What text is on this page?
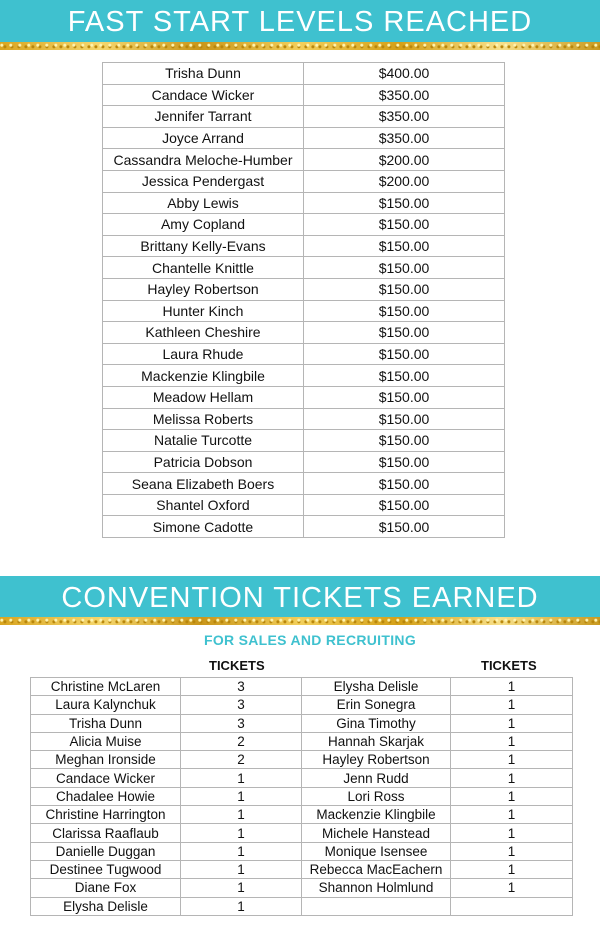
FAST START LEVELS REACHED
Trisha Dunn	$400.00
Candace Wicker	$350.00
Jennifer Tarrant	$350.00
Joyce Arrand	$350.00
Cassandra Meloche-Humber	$200.00
Jessica Pendergast	$200.00
Abby Lewis	$150.00
Amy Copland	$150.00
Brittany Kelly-Evans	$150.00
Chantelle Knittle	$150.00
Hayley Robertson	$150.00
Hunter Kinch	$150.00
Kathleen Cheshire	$150.00
Laura Rhude	$150.00
Mackenzie Klingbile	$150.00
Meadow Hellam	$150.00
Melissa Roberts	$150.00
Natalie Turcotte	$150.00
Patricia Dobson	$150.00
Seana Elizabeth Boers	$150.00
Shantel Oxford	$150.00
Simone Cadotte	$150.00
CONVENTION TICKETS EARNED
FOR SALES AND RECRUITING
TICKETS	TICKETS
Christine McLaren	3	Elysha Delisle	1
Laura Kalynchuk	3	Erin Sonegra	1
Trisha Dunn	3	Gina Timothy	1
Alicia Muise	2	Hannah Skarjak	1
Meghan Ironside	2	Hayley Robertson	1
Candace Wicker	1	Jenn Rudd	1
Chadalee Howie	1	Lori Ross	1
Christine Harrington	1	Mackenzie Klingbile	1
Clarissa Raaflaub	1	Michele Hanstead	1
Danielle Duggan	1	Monique Isensee	1
Destinee Tugwood	1	Rebecca MacEachern	1
Diane Fox	1	Shannon Holmlund	1
Elysha Delisle	1		
